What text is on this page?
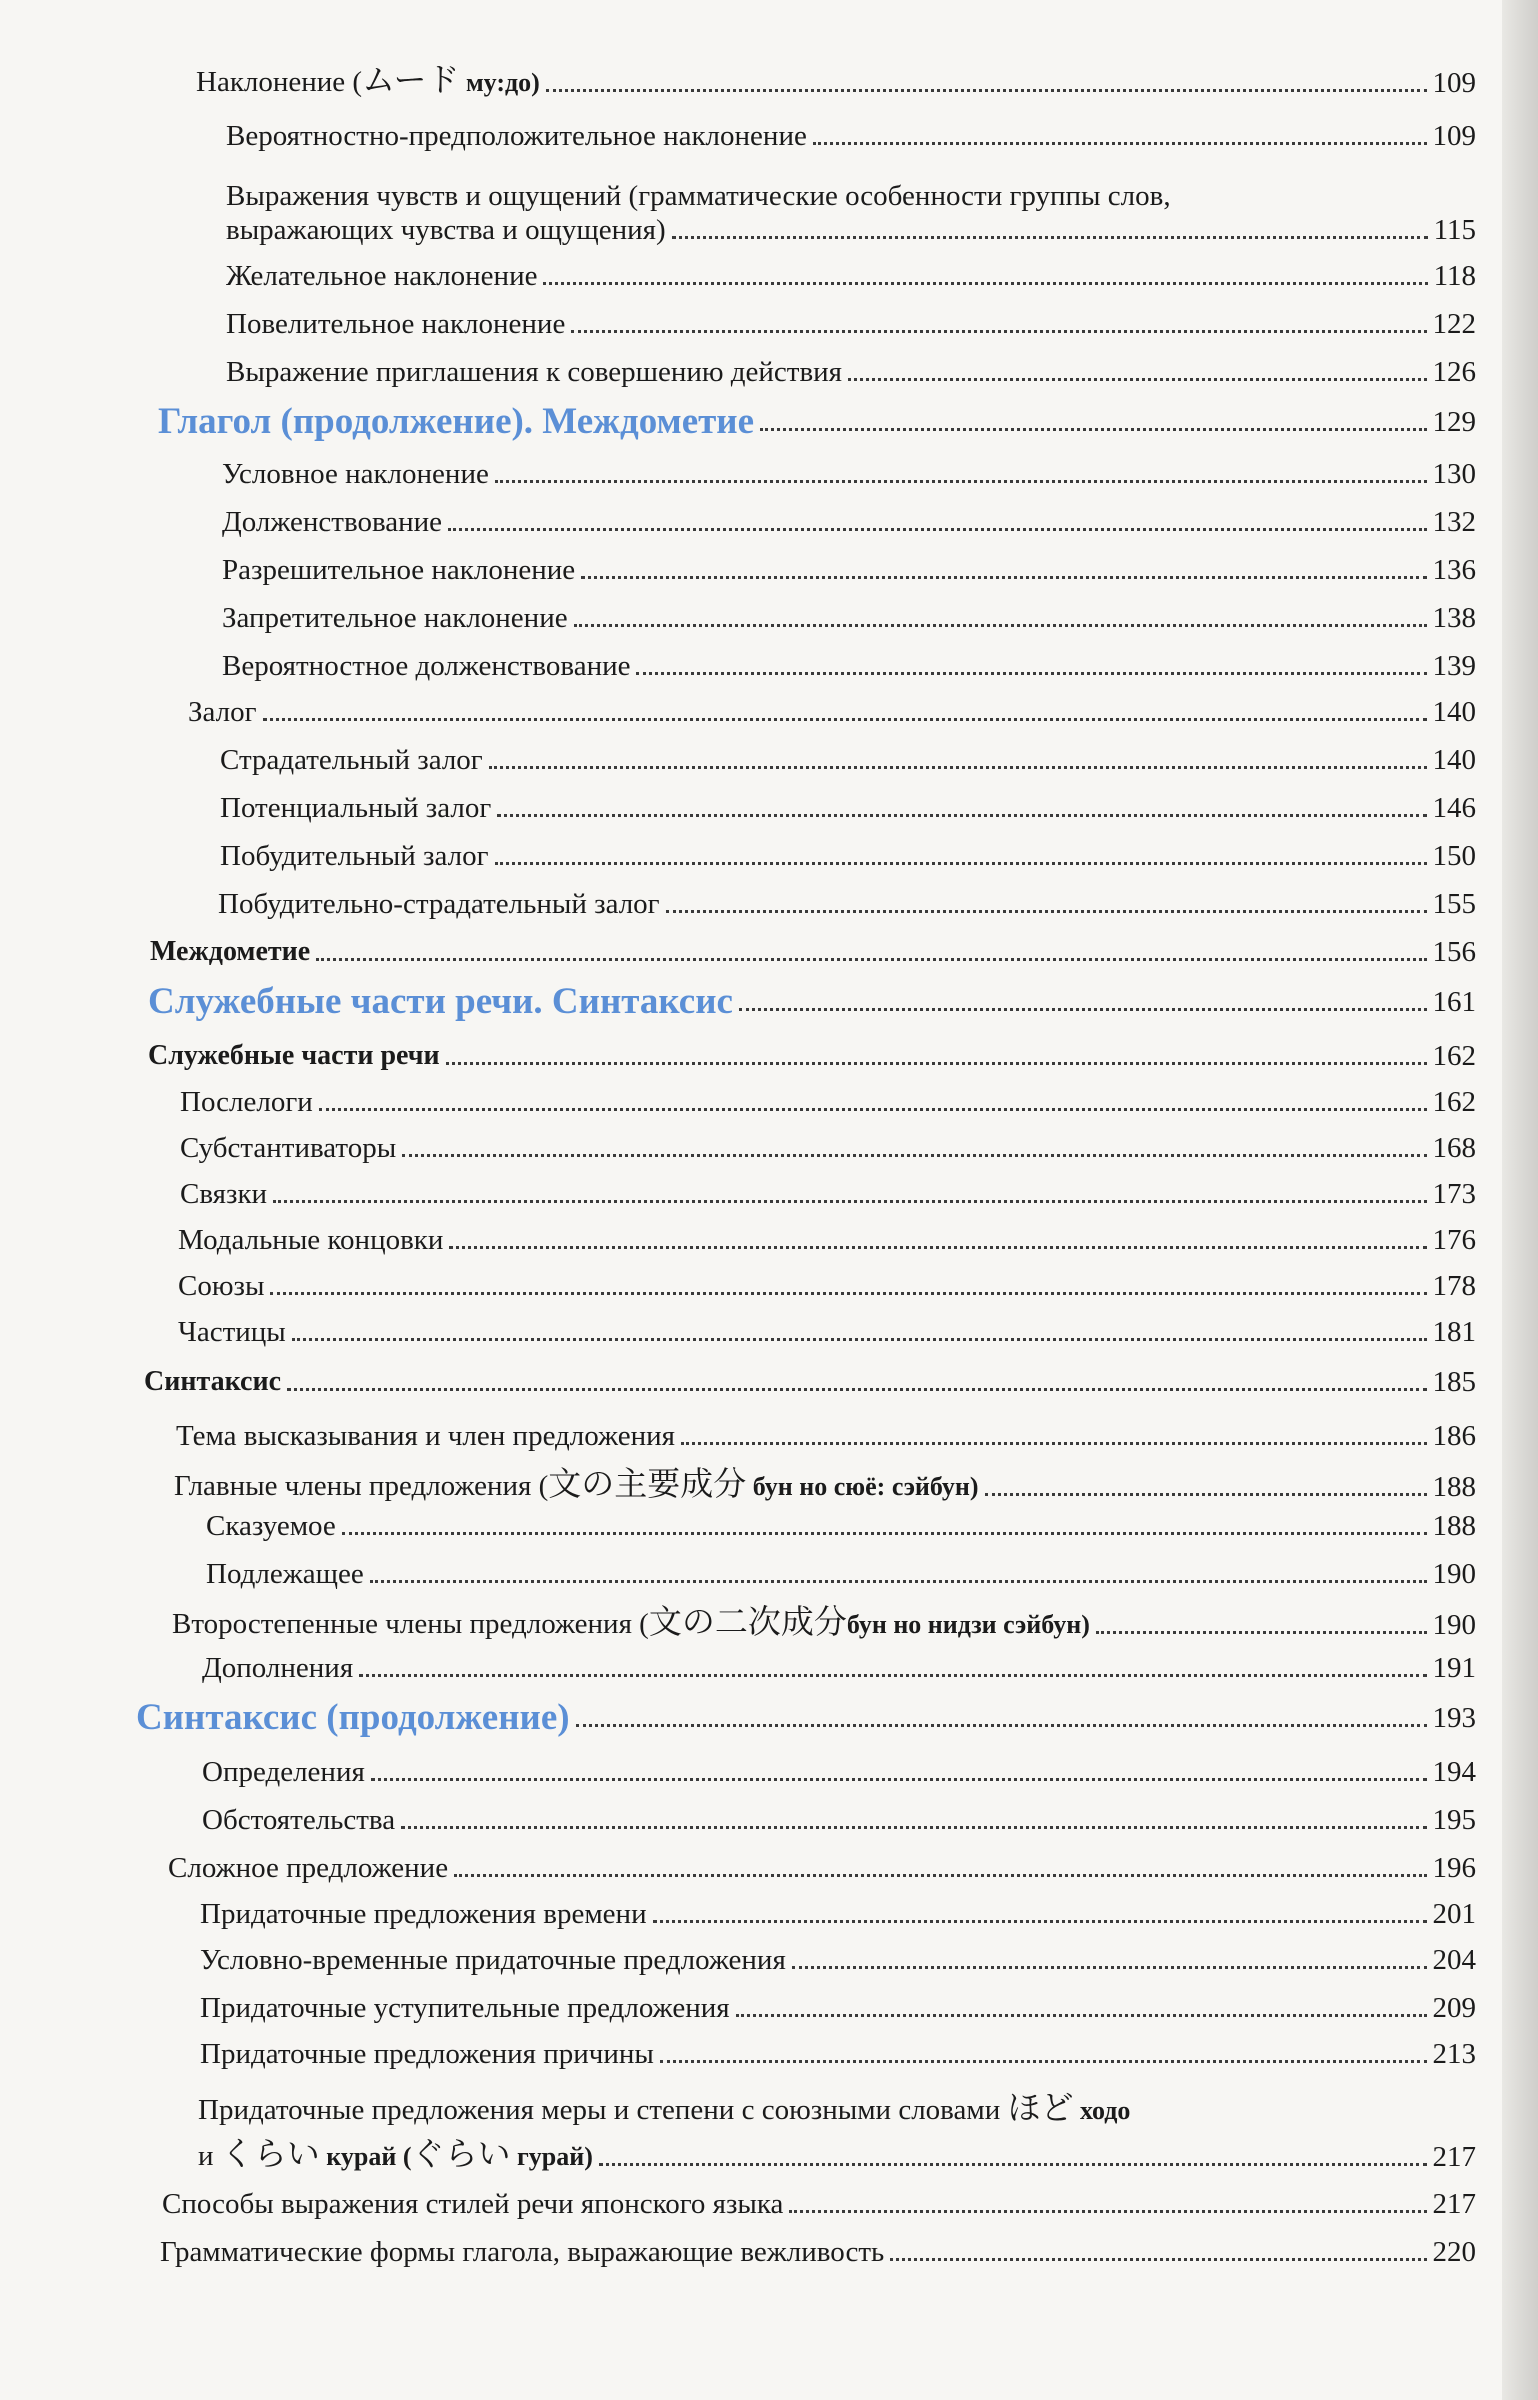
Наклонение (ムード му:до)	109
Вероятностно-предположительное наклонение	109
Выражения чувств и ощущений (грамматические особенности группы слов,
выражающих чувства и ощущения)	115
Желательное наклонение	118
Повелительное наклонение	122
Выражение приглашения к совершению действия	126
Глагол (продолжение). Междометие	129
Условное наклонение	130
Долженствование	132
Разрешительное наклонение	136
Запретительное наклонение	138
Вероятностное долженствование	139
Залог	140
Страдательный залог	140
Потенциальный залог	146
Побудительный залог	150
Побудительно-страдательный залог	155
Междометие	156
Служебные части речи. Синтаксис	161
Служебные части речи	162
Послелоги	162
Субстантиваторы	168
Связки	173
Модальные концовки	176
Союзы	178
Частицы	181
Синтаксис	185
Тема высказывания и член предложения	186
Главные члены предложения (文の主要成分 бун но сюё: сэйбун)	188
Сказуемое	188
Подлежащее	190
Второстепенные члены предложения (文の二次成分бун но нидзи сэйбун)	190
Дополнения	191
Синтаксис (продолжение)	193
Определения	194
Обстоятельства	195
Сложное предложение	196
Придаточные предложения времени	201
Условно-временные придаточные предложения	204
Придаточные уступительные предложения	209
Придаточные предложения причины	213
Придаточные предложения меры и степени с союзными словами ほど ходо
и くらい курай (ぐらい гурай)	217
Способы выражения стилей речи японского языка	217
Грамматические формы глагола, выражающие вежливость	220
